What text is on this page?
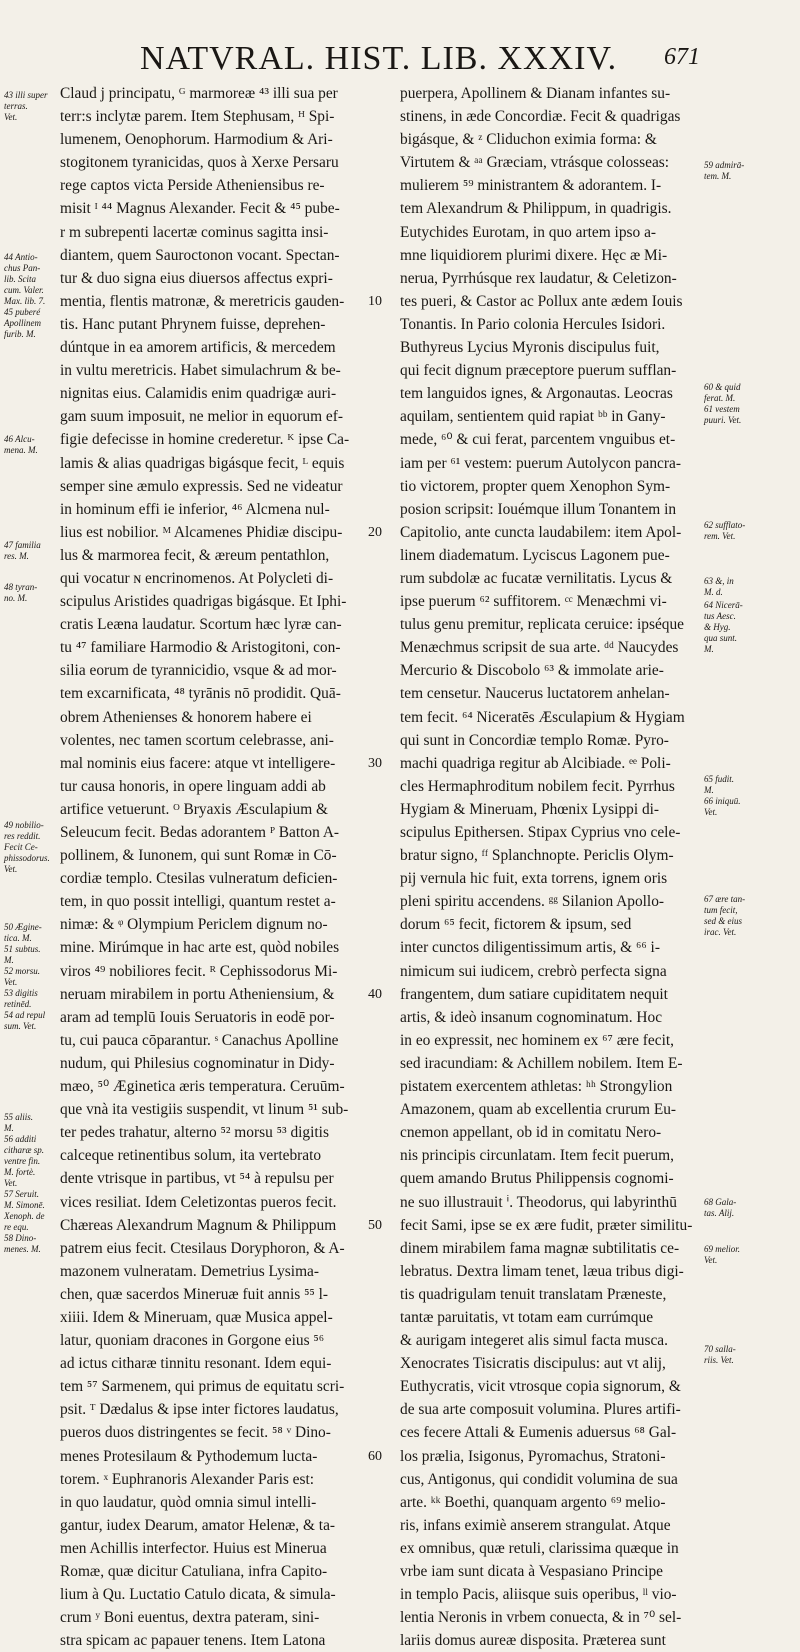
NATVRAL. HIST. LIB. XXXIV.	671
Claud j principatu, ᴳ marmoreæ ⁴³ illi sua per
terr:s inclytæ parem. Item Stephusam, ᴴ Spi-
lumenem, Oenophorum. Harmodium & Ari-
stogitonem tyranicidas, quos à Xerxe Persaru
rege captos victa Perside Atheniensibus re-
misit ᴵ ⁴⁴ Magnus Alexander. Fecit & ⁴⁵ pube-
r m subrepenti lacertæ cominus sagitta insi-
diantem, quem Sauroctonon vocant. Spectan-
tur & duo signa eius diuersos affectus expri-
mentia, flentis matronæ, & meretricis gauden-
tis. Hanc putant Phrynem fuisse, deprehen-
dúntque in ea amorem artificis, & mercedem
in vultu meretricis. Habet simulachrum & be-
nignitas eius. Calamidis enim quadrigæ auri-
gam suum imposuit, ne melior in equorum ef-
figie defecisse in homine crederetur. ᴷ ipse Ca-
lamis & alias quadrigas bigásque fecit, ᴸ equis
semper sine æmulo expressis. Sed ne videatur
in hominum effi ie inferior, ⁴⁶ Alcmena nul-
lius est nobilior. ᴹ Alcamenes Phidiæ discipu-
lus & marmorea fecit, & æreum pentathlon,
qui vocatur ɴ encrinomenos. At Polycleti di-
scipulus Aristides quadrigas bigásque. Et Iphi-
cratis Leæna laudatur. Scortum hæc lyræ can-
tu ⁴⁷ familiare Harmodio & Aristogitoni, con-
silia eorum de tyrannicidio, vsque & ad mor-
tem excarnificata, ⁴⁸ tyrānis nō prodidit. Quā-
obrem Athenienses & honorem habere ei
volentes, nec tamen scortum celebrasse, ani-
mal nominis eius facere: atque vt intelligere-
tur causa honoris, in opere linguam addi ab
artifice vetuerunt. ᴼ Bryaxis Æsculapium &
Seleucum fecit. Bedas adorantem ᴾ Batton A-
pollinem, & Iunonem, qui sunt Romæ in Cō-
cordiæ templo. Ctesilas vulneratum deficien-
tem, in quo possit intelligi, quantum restet a-
nimæ: & ᵠ Olympium Periclem dignum no-
mine. Mirúmque in hac arte est, quòd nobiles
viros ⁴⁹ nobiliores fecit. ᴿ Cephissodorus Mi-
neruam mirabilem in portu Atheniensium, &
aram ad templū Iouis Seruatoris in eodē por-
tu, cui pauca cōparantur. ˢ Canachus Apolline
nudum, qui Philesius cognominatur in Didy-
mæo, ⁵⁰ Æginetica æris temperatura. Ceruūm-
que vnà ita vestigiis suspendit, vt linum ⁵¹ sub-
ter pedes trahatur, alterno ⁵² morsu ⁵³ digitis
calceque retinentibus solum, ita vertebrato
dente vtrisque in partibus, vt ⁵⁴ à repulsu per
vices resiliat. Idem Celetizontas pueros fecit.
Chæreas Alexandrum Magnum & Philippum
patrem eius fecit. Ctesilaus Doryphoron, & A-
mazonem vulneratam. Demetrius Lysima-
chen, quæ sacerdos Mineruæ fuit annis ⁵⁵ l-
xiiii. Idem & Mineruam, quæ Musica appel-
latur, quoniam dracones in Gorgone eius ⁵⁶
ad ictus citharæ tinnitu resonant. Idem equi-
tem ⁵⁷ Sarmenem, qui primus de equitatu scri-
psit. ᵀ Dædalus & ipse inter fictores laudatus,
pueros duos distringentes se fecit. ⁵⁸ ᵛ Dino-
menes Protesilaum & Pythodemum lucta-
torem. ˣ Euphranoris Alexander Paris est:
in quo laudatur, quòd omnia simul intelli-
gantur, iudex Dearum, amator Helenæ, & ta-
men Achillis interfector. Huius est Minerua
Romæ, quæ dicitur Catuliana, infra Capito-
lium à Qu. Luctatio Catulo dicata, & simula-
crum ʸ Boni euentus, dextra pateram, sini-
stra spicam ac papauer tenens. Item Latona
puerpera, Apollinem & Dianam infantes su-
stinens, in æde Concordiæ. Fecit & quadrigas
bigásque, & ᶻ Cliduchon eximia forma: &
Virtutem & ᵃᵃ Græciam, vtrásque colosseas:
mulierem ⁵⁹ ministrantem & adorantem. I-
tem Alexandrum & Philippum, in quadrigis.
Eutychides Eurotam, in quo artem ipso a-
mne liquidiorem plurimi dixere. Hęc æ Mi-
nerua, Pyrrhúsque rex laudatur, & Celetizon-
tes pueri, & Castor ac Pollux ante ædem Iouis
Tonantis. In Pario colonia Hercules Isidori.
Buthyreus Lycius Myronis discipulus fuit,
qui fecit dignum præceptore puerum sufflan-
tem languidos ignes, & Argonautas. Leocras
aquilam, sentientem quid rapiat ᵇᵇ in Gany-
mede, ⁶⁰ & cui ferat, parcentem vnguibus et-
iam per ⁶¹ vestem: puerum Autolycon pancra-
tio victorem, propter quem Xenophon Sym-
posion scripsit: Iouémque illum Tonantem in
Capitolio, ante cuncta laudabilem: item Apol-
linem diadematum. Lyciscus Lagonem pue-
rum subdolæ ac fucatæ vernilitatis. Lycus &
ipse puerum ⁶² suffitorem. ᶜᶜ Menæchmi vi-
tulus genu premitur, replicata ceruice: ipséque
Menæchmus scripsit de sua arte. ᵈᵈ Naucydes
Mercurio & Discobolo ⁶³ & immolate arie-
tem censetur. Naucerus luctatorem anhelan-
tem fecit. ⁶⁴ Niceratēs Æsculapium & Hygiam
qui sunt in Concordiæ templo Romæ. Pyro-
machi quadriga regitur ab Alcibiade. ᵉᵉ Poli-
cles Hermaphroditum nobilem fecit. Pyrrhus
Hygiam & Mineruam, Phœnix Lysippi di-
scipulus Epithersen. Stipax Cyprius vno cele-
bratur signo, ᶠᶠ Splanchnopte. Periclis Olym-
pij vernula hic fuit, exta torrens, ignem oris
pleni spiritu accendens. ᵍᵍ Silanion Apollo-
dorum ⁶⁵ fecit, fictorem & ipsum, sed
inter cunctos diligentissimum artis, & ⁶⁶ i-
nimicum sui iudicem, crebrò perfecta signa
frangentem, dum satiare cupiditatem nequit
artis, & ideò insanum cognominatum. Hoc
in eo expressit, nec hominem ex ⁶⁷ ære fecit,
sed iracundiam: & Achillem nobilem. Item E-
pistatem exercentem athletas: ʰʰ Strongylion
Amazonem, quam ab excellentia crurum Eu-
cnemon appellant, ob id in comitatu Nero-
nis principis circunlatam. Item fecit puerum,
quem amando Brutus Philippensis cognomi-
ne suo illustrauit ⁱ. Theodorus, qui labyrinthū
fecit Sami, ipse se ex ære fudit, præter similitu-
dinem mirabilem fama magnæ subtilitatis ce-
lebratus. Dextra limam tenet, læua tribus digi-
tis quadrigulam tenuit translatam Præneste,
tantæ paruitatis, vt totam eam currúmque
& aurigam integeret alis simul facta musca.
Xenocrates Tisicratis discipulus: aut vt alij,
Euthycratis, vicit vtrosque copia signorum, &
de sua arte composuit volumina. Plures artifi-
ces fecere Attali & Eumenis aduersus ⁶⁸ Gal-
los prælia, Isigonus, Pyromachus, Stratoni-
cus, Antigonus, qui condidit volumina de sua
arte. ᵏᵏ Boethi, quanquam argento ⁶⁹ melio-
ris, infans eximiè anserem strangulat. Atque
ex omnibus, quæ retuli, clarissima quæque in
vrbe iam sunt dicata à Vespasiano Principe
in templo Pacis, aliisque suis operibus, ˡˡ vio-
lentia Neronis in vrbem conuecta, & in ⁷⁰ sel-
lariis domus aureæ disposita. Præterea sunt
10
20
30
40
50
60
43 illi super
terras.
Vet.
44 Antio-
chus Pan-
lib. Scita
cum. Valer.
Max. lib. 7.
45 puberé
Apollinem
furib. M.
46 Alcu-
mena. M.
47 familia
res. M.
48 tyran-
no. M.
49 nobilio-
res reddit.
Fecit Ce-
phissodorus.
Vet.
50 Ægine-
tica. M.
51 subtus.
M.
52 morsu.
Vet.
53 digitis
retinēd.
54 ad repul
sum. Vet.
55 aliis.
M.
56 additi
citharæ sp.
ventre fin.
M. fortè.
Vet.
57 Seruit.
M. Simonē.
Xenoph. de
re equ.
58 Dino-
menes. M.
59 admirā-
tem. M.
60 & quid
ferat. M.
61 vestem
puuri. Vet.
62 sufflato-
rem. Vet.
63 &, in
M. d.
64 Nicerā-
tus Aesc.
& Hyg.
qua sunt.
M.
65 fudit.
M.
66 iniquū.
Vet.
67 ære tan-
tum fecit,
sed & eius
irac. Vet.
68 Gala-
tas. Alij.
69 melior.
Vet.
70 salla-
riis. Vet.
